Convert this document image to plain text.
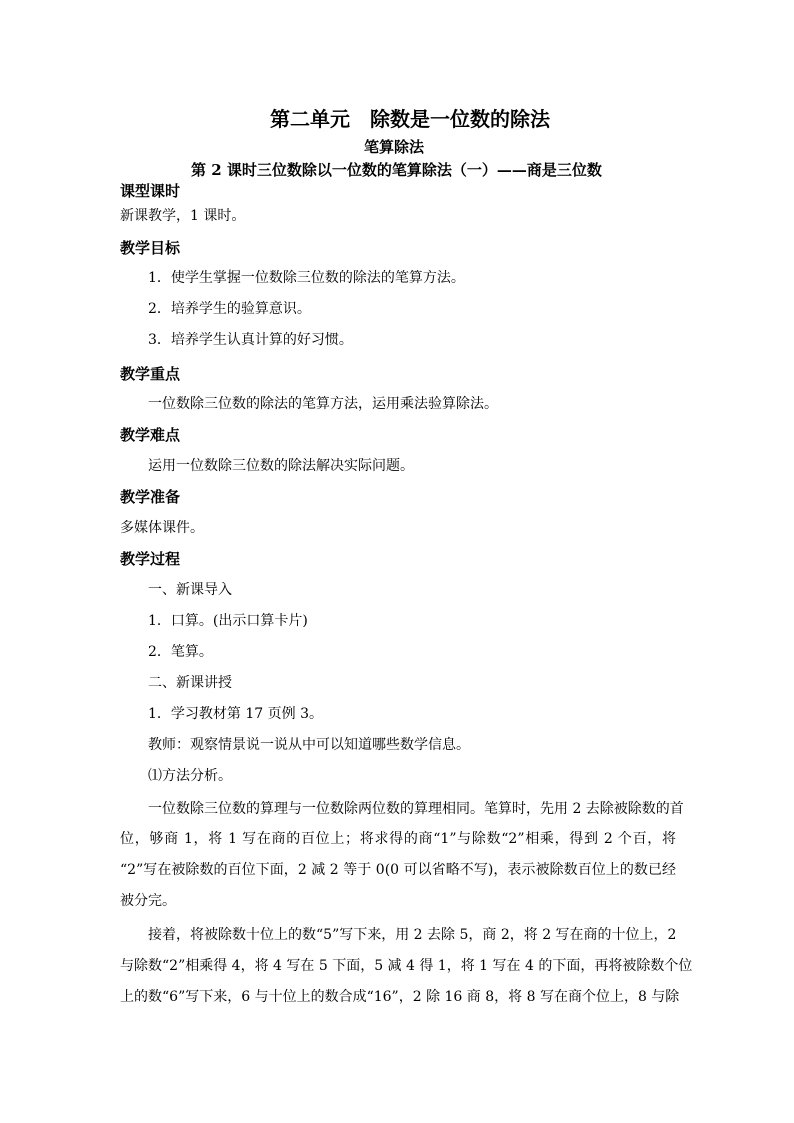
第二单元　除数是一位数的除法
笔算除法
第 2 课时三位数除以一位数的笔算除法（一）——商是三位数
课型课时
新课教学，1 课时。
教学目标
1．使学生掌握一位数除三位数的除法的笔算方法。
2．培养学生的验算意识。
3．培养学生认真计算的好习惯。
教学重点
一位数除三位数的除法的笔算方法，运用乘法验算除法。
教学难点
运用一位数除三位数的除法解决实际问题。
教学准备
多媒体课件。
教学过程
一、新课导入
1．口算。(出示口算卡片)
2．笔算。
二、新课讲授
1．学习教材第 17 页例 3。
教师：观察情景说一说从中可以知道哪些数学信息。
⑴方法分析。
一位数除三位数的算理与一位数除两位数的算理相同。笔算时，先用 2 去除被除数的首
位，够商 1，将 1 写在商的百位上；将求得的商“1”与除数“2”相乘，得到 2 个百，将
“2”写在被除数的百位下面，2 减 2 等于 0(0 可以省略不写)，表示被除数百位上的数已经
被分完。
接着，将被除数十位上的数“5”写下来，用 2 去除 5，商 2，将 2 写在商的十位上，2
与除数“2”相乘得 4，将 4 写在 5 下面，5 减 4 得 1，将 1 写在 4 的下面，再将被除数个位
上的数“6”写下来，6 与十位上的数合成“16”，2 除 16 商 8，将 8 写在商个位上，8 与除
